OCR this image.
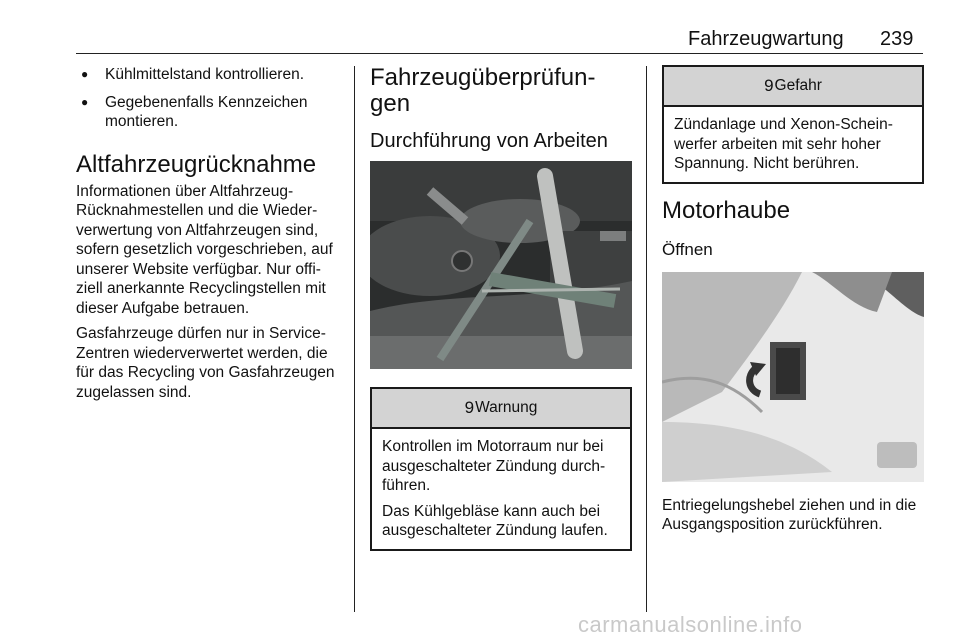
Fahrzeugwartung 239
● Kühlmittelstand kontrollieren.
● Gegebenenfalls Kennzeichen montieren.
Altfahrzeugrücknahme

Informationen über Altfahrzeug-Rücknahmestellen und die Wieder-verwertung von Altfahrzeugen sind, sofern gesetzlich vorgeschrieben, auf unserer Website verfügbar. Nur offi-ziell anerkannte Recyclingstellen mit dieser Aufgabe betrauen.

Gasfahrzeuge dürfen nur in Service-Zentren wiederverwertet werden, die für das Recycling von Gasfahrzeugen zugelassen sind.

Fahrzeugüberprüfun-gen
Durchführung von Arbeiten
9 Warnung

Kontrollen im Motorraum nur bei ausgeschalteter Zündung durch-führen.

Das Kühlgebläse kann auch bei ausgeschalteter Zündung laufen.

9 Gefahr

Zündanlage und Xenon-Schein-werfer arbeiten mit sehr hoher Spannung. Nicht berühren.

Motorhaube
Öffnen

Entriegelungshebel ziehen und in die Ausgangsposition zurückführen.

carmanualsonline.info
